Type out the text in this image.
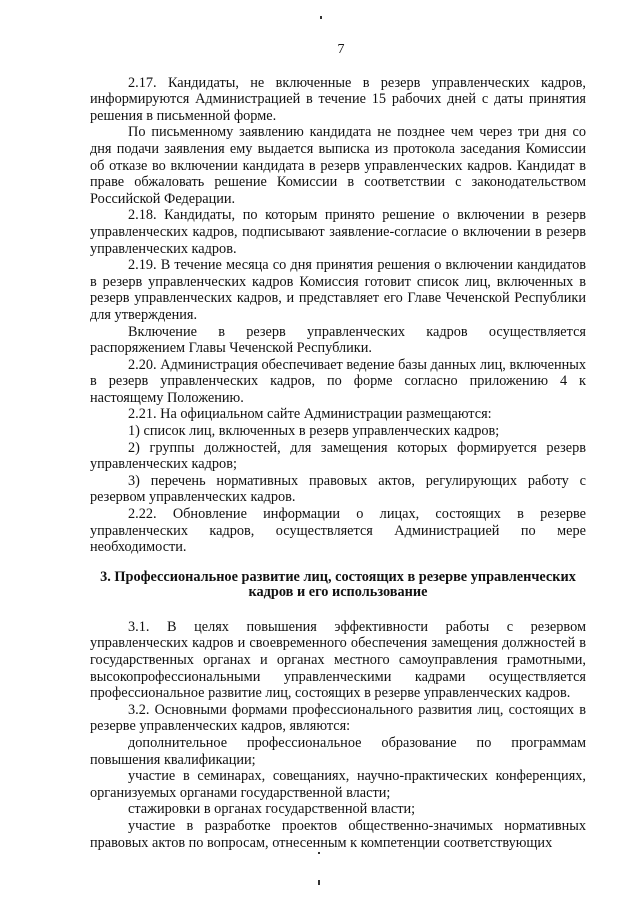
7

2.17. Кандидаты, не включенные в резерв управленческих кадров, информируются Администрацией в течение 15 рабочих дней с даты принятия решения в письменной форме.

По письменному заявлению кандидата не позднее чем через три дня со дня подачи заявления ему выдается выписка из протокола заседания Комиссии об отказе во включении кандидата в резерв управленческих кадров. Кандидат в праве обжаловать решение Комиссии в соответствии с законодательством Российской Федерации.

2.18. Кандидаты, по которым принято решение о включении в резерв управленческих кадров, подписывают заявление-согласие о включении в резерв управленческих кадров.

2.19. В течение месяца со дня принятия решения о включении кандидатов в резерв управленческих кадров Комиссия готовит список лиц, включенных в резерв управленческих кадров, и представляет его Главе Чеченской Республики для утверждения.

Включение в резерв управленческих кадров осуществляется распоряжением Главы Чеченской Республики.

2.20. Администрация обеспечивает ведение базы данных лиц, включенных в резерв управленческих кадров, по форме согласно приложению 4 к настоящему Положению.

2.21. На официальном сайте Администрации размещаются:

1) список лиц, включенных в резерв управленческих кадров;

2) группы должностей, для замещения которых формируется резерв управленческих кадров;

3) перечень нормативных правовых актов, регулирующих работу с резервом управленческих кадров.

2.22. Обновление информации о лицах, состоящих в резерве управленческих кадров, осуществляется Администрацией по мере необходимости.

3. Профессиональное развитие лиц, состоящих в резерве управленческих кадров и его использование

3.1. В целях повышения эффективности работы с резервом управленческих кадров и своевременного обеспечения замещения должностей в государственных органах и органах местного самоуправления грамотными, высокопрофессиональными управленческими кадрами осуществляется профессиональное развитие лиц, состоящих в резерве управленческих кадров.

3.2. Основными формами профессионального развития лиц, состоящих в резерве управленческих кадров, являются:

дополнительное профессиональное образование по программам повышения квалификации;

участие в семинарах, совещаниях, научно-практических конференциях, организуемых органами государственной власти;

стажировки в органах государственной власти;

участие в разработке проектов общественно-значимых нормативных правовых актов по вопросам, отнесенным к компетенции соответствующих
